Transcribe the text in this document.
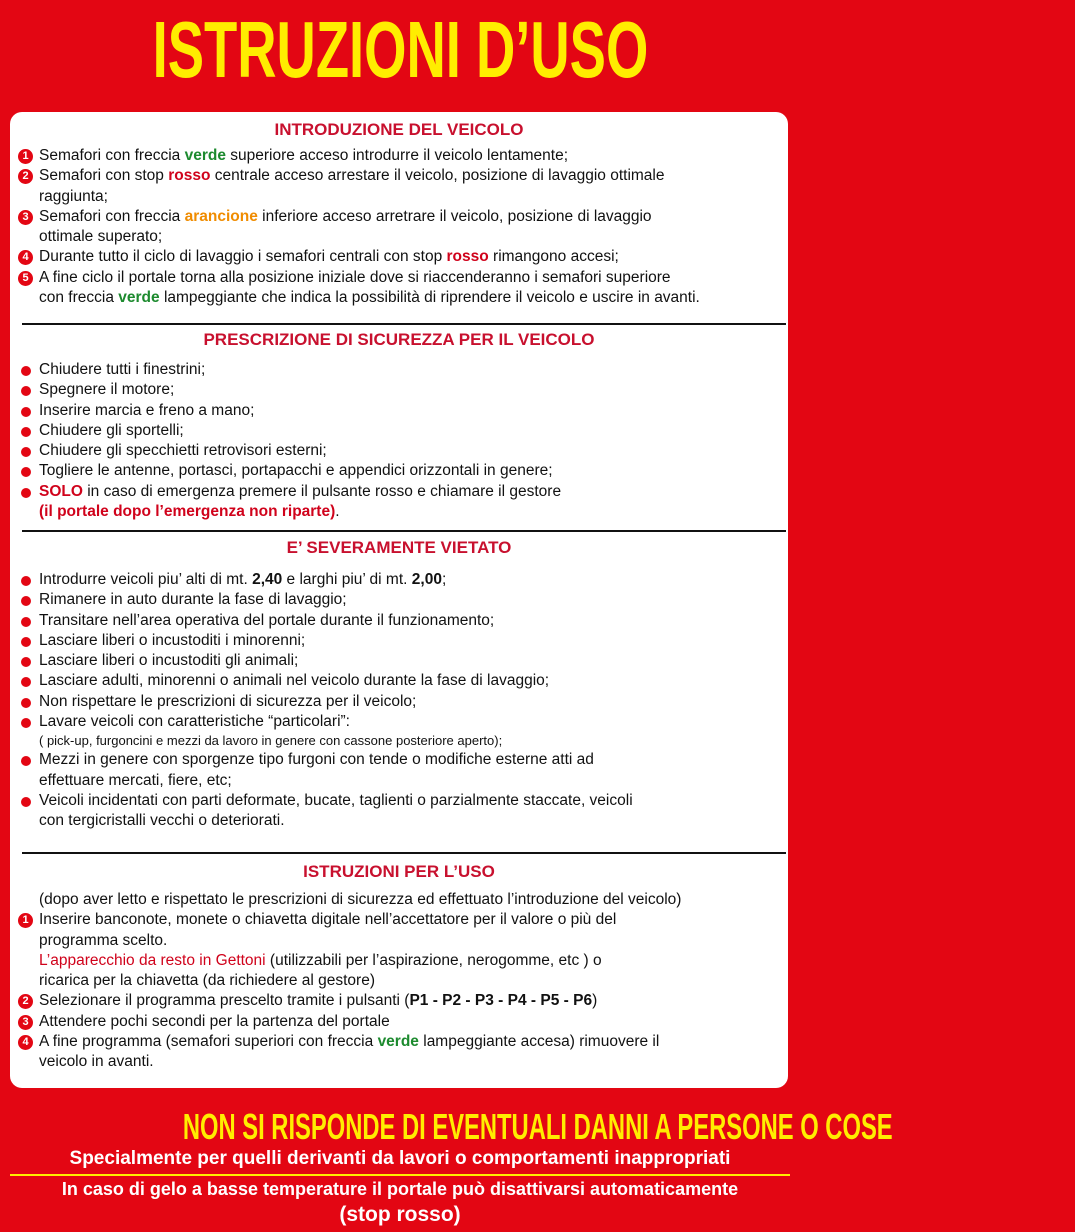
ISTRUZIONI D’USO
INTRODUZIONE DEL VEICOLO
1 Semafori con freccia verde superiore acceso introdurre il veicolo lentamente;
2 Semafori con stop rosso centrale acceso arrestare il veicolo, posizione di lavaggio ottimale
raggiunta;
3 Semafori con freccia arancione inferiore acceso arretrare il veicolo, posizione di lavaggio
ottimale superato;
4 Durante tutto il ciclo di lavaggio i semafori centrali con stop rosso rimangono accesi;
5 A fine ciclo il portale torna alla posizione iniziale dove si riaccenderanno i semafori superiore
con freccia verde lampeggiante che indica la possibilità di riprendere il veicolo e uscire in avanti.
PRESCRIZIONE DI SICUREZZA PER IL VEICOLO
Chiudere tutti i finestrini;
Spegnere il motore;
Inserire marcia e freno a mano;
Chiudere gli sportelli;
Chiudere gli specchietti retrovisori esterni;
Togliere le antenne, portasci, portapacchi e appendici orizzontali in genere;
SOLO in caso di emergenza premere il pulsante rosso e chiamare il gestore
(il portale dopo l’emergenza non riparte).
E’ SEVERAMENTE VIETATO
Introdurre veicoli piu’ alti di mt. 2,40 e larghi piu’ di mt. 2,00;
Rimanere in auto durante la fase di lavaggio;
Transitare nell’area operativa del portale durante il funzionamento;
Lasciare liberi o incustoditi i minorenni;
Lasciare liberi o incustoditi gli animali;
Lasciare adulti, minorenni o animali nel veicolo durante la fase di lavaggio;
Non rispettare le prescrizioni di sicurezza per il veicolo;
Lavare veicoli con caratteristiche “particolari”:
( pick-up, furgoncini e mezzi da lavoro in genere con cassone posteriore aperto);
Mezzi in genere con sporgenze tipo furgoni con tende o modifiche esterne atti ad
effettuare mercati, fiere, etc;
Veicoli incidentati con parti deformate, bucate, taglienti o parzialmente staccate, veicoli
con tergicristalli vecchi o deteriorati.
ISTRUZIONI PER L’USO
(dopo aver letto e rispettato le prescrizioni di sicurezza ed effettuato l’introduzione del veicolo)
1 Inserire banconote, monete o chiavetta digitale nell’accettatore per il valore o più del
programma scelto.
L’apparecchio da resto in Gettoni (utilizzabili per l’aspirazione, nerogomme, etc ) o
ricarica per la chiavetta (da richiedere al gestore)
2 Selezionare il programma prescelto tramite i pulsanti (P1 - P2 - P3 - P4 - P5 - P6)
3 Attendere pochi secondi per la partenza del portale
4 A fine programma (semafori superiori con freccia verde lampeggiante accesa) rimuovere il
veicolo in avanti.
NON SI RISPONDE DI EVENTUALI DANNI A PERSONE O COSE
Specialmente per quelli derivanti da lavori o comportamenti inappropriati
In caso di gelo a basse temperature il portale può disattivarsi automaticamente
(stop rosso)
